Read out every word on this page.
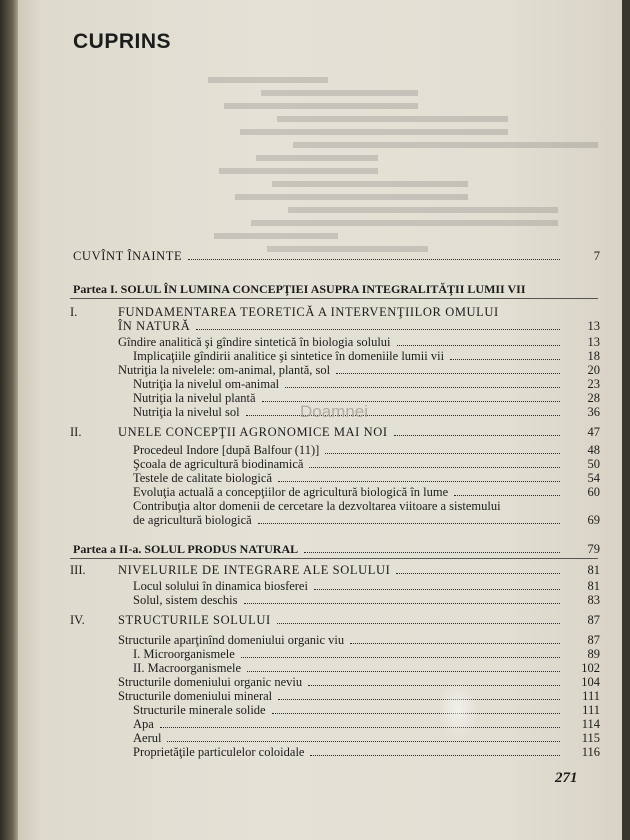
CUPRINS
CUVÎNT ÎNAINTE	7
Partea I. SOLUL ÎN LUMINA CONCEPŢIEI ASUPRA INTEGRALITĂŢII LUMII VII
I.	FUNDAMENTAREA TEORETICĂ A INTERVENŢIILOR OMULUI
ÎN NATURĂ	13
Gîndire analitică şi gîndire sintetică în biologia solului	13
Implicaţiile gîndirii analitice şi sintetice în domeniile lumii vii	18
Nutriţia la nivelele: om-animal, plantă, sol	20
Nutriţia la nivelul om-animal	23
Nutriţia la nivelul plantă	28
Nutriţia la nivelul sol	36
II.	UNELE CONCEPŢII AGRONOMICE MAI NOI	47
Procedeul Indore [după Balfour (11)]	48
Şcoala de agricultură biodinamică	50
Testele de calitate biologică	54
Evoluţia actuală a concepţiilor de agricultură biologică în lume	60
Contribuţia altor domenii de cercetare la dezvoltarea viitoare a sistemului
de agricultură biologică	69
Partea a II-a. SOLUL PRODUS NATURAL	79
III.	NIVELURILE DE INTEGRARE ALE SOLULUI	81
Locul solului în dinamica biosferei	81
Solul, sistem deschis	83
IV.	STRUCTURILE SOLULUI	87
Structurile aparţinînd domeniului organic viu	87
I. Microorganismele	89
II. Macroorganismele	102
Structurile domeniului organic neviu	104
Structurile domeniului mineral	111
Structurile minerale solide	111
Apa	114
Aerul	115
Proprietăţile particulelor coloidale	116
Doamnei
271
